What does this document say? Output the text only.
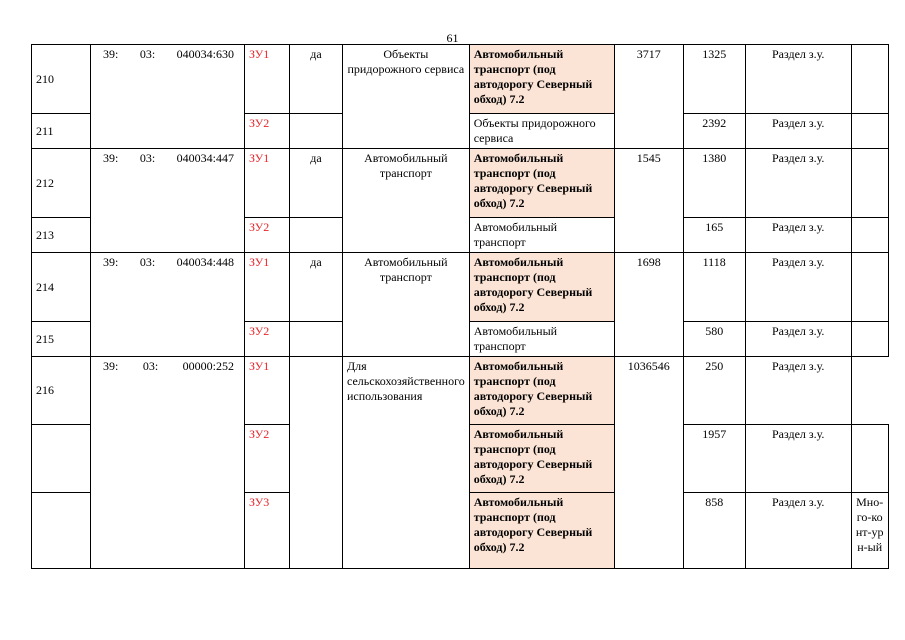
61
210	39: 03: 040034:630	ЗУ1	да	Объекты придорожного сервиса	Автомобильный транспорт (под автодорогу Северный обход) 7.2	3717	1325	Раздел з.у.	
211		ЗУ2			Объекты придорожного сервиса		2392	Раздел з.у.	
212	39: 03: 040034:447	ЗУ1	да	Автомобильный транспорт	Автомобильный транспорт (под автодорогу Северный обход) 7.2	1545	1380	Раздел з.у.	
213		ЗУ2			Автомобильный транспорт		165	Раздел з.у.	
214	39: 03: 040034:448	ЗУ1	да	Автомобильный транспорт	Автомобильный транспорт (под автодорогу Северный обход) 7.2	1698	1118	Раздел з.у.	
215		ЗУ2			Автомобильный транспорт		580	Раздел з.у.	
216	39: 03: 00000:252	ЗУ1		Для сельскохозяйственного использования	Автомобильный транспорт (под автодорогу Северный обход) 7.2	1036546	250	Раздел з.у.	
		ЗУ2			Автомобильный транспорт (под автодорогу Северный обход) 7.2		1957	Раздел з.у.	
		ЗУ3			Автомобильный транспорт (под автодорогу Северный обход) 7.2		858	Раздел з.у.	Мно-го-конт-урн-ый
